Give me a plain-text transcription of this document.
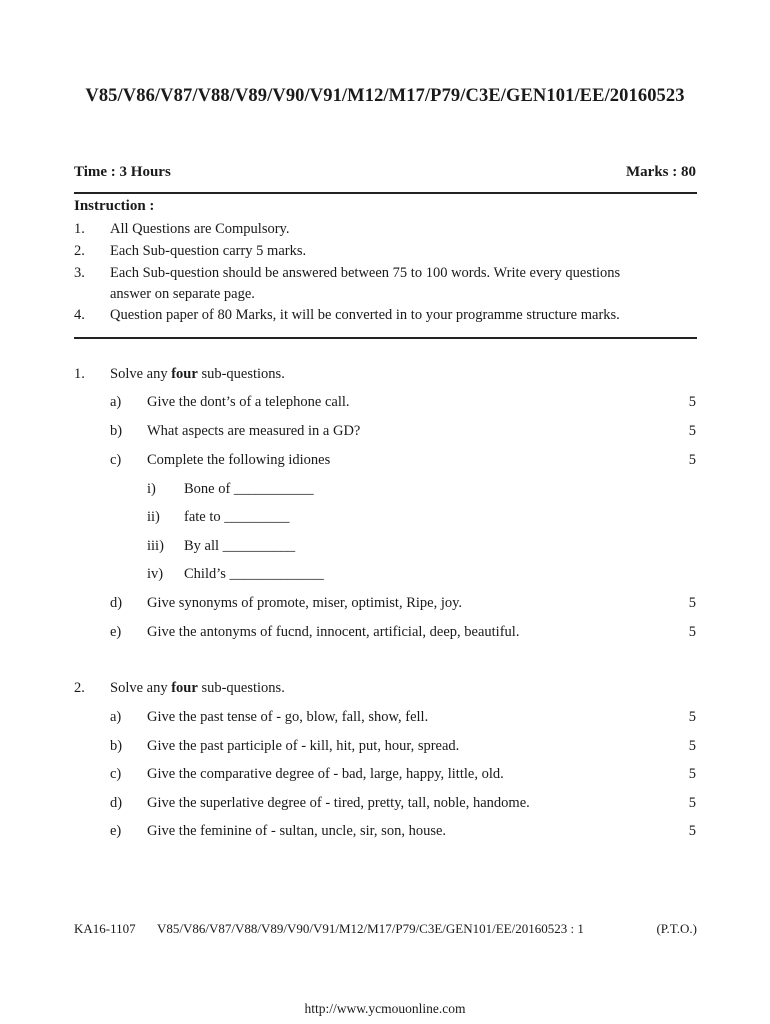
V85/V86/V87/V88/V89/V90/V91/M12/M17/P79/C3E/GEN101/EE/20160523
Time : 3 Hours	Marks : 80
Instruction :
1. All Questions are Compulsory.
2. Each Sub-question carry 5 marks.
3. Each Sub-question should be answered between 75 to 100 words. Write every questions
answer on separate page.
4. Question paper of 80 Marks, it will be converted in to your programme structure marks.
1. Solve any four sub-questions.
a) Give the dont’s of a telephone call.	5
b) What aspects are measured in a GD?	5
c) Complete the following idiones	5
i) Bone of ___________
ii) fate to _________
iii) By all __________
iv) Child’s _____________
d) Give synonyms of promote, miser, optimist, Ripe, joy.	5
e) Give the antonyms of fucnd, innocent, artificial, deep, beautiful.	5
2. Solve any four sub-questions.
a) Give the past tense of - go, blow, fall, show, fell.	5
b) Give the past participle of - kill, hit, put, hour, spread.	5
c) Give the comparative degree of - bad, large, happy, little, old.	5
d) Give the superlative degree of - tired, pretty, tall, noble, handome.	5
e) Give the feminine of - sultan, uncle, sir, son, house.	5
KA16-1107 V85/V86/V87/V88/V89/V90/V91/M12/M17/P79/C3E/GEN101/EE/20160523 : 1	(P.T.O.)
http://www.ycmouonline.com
